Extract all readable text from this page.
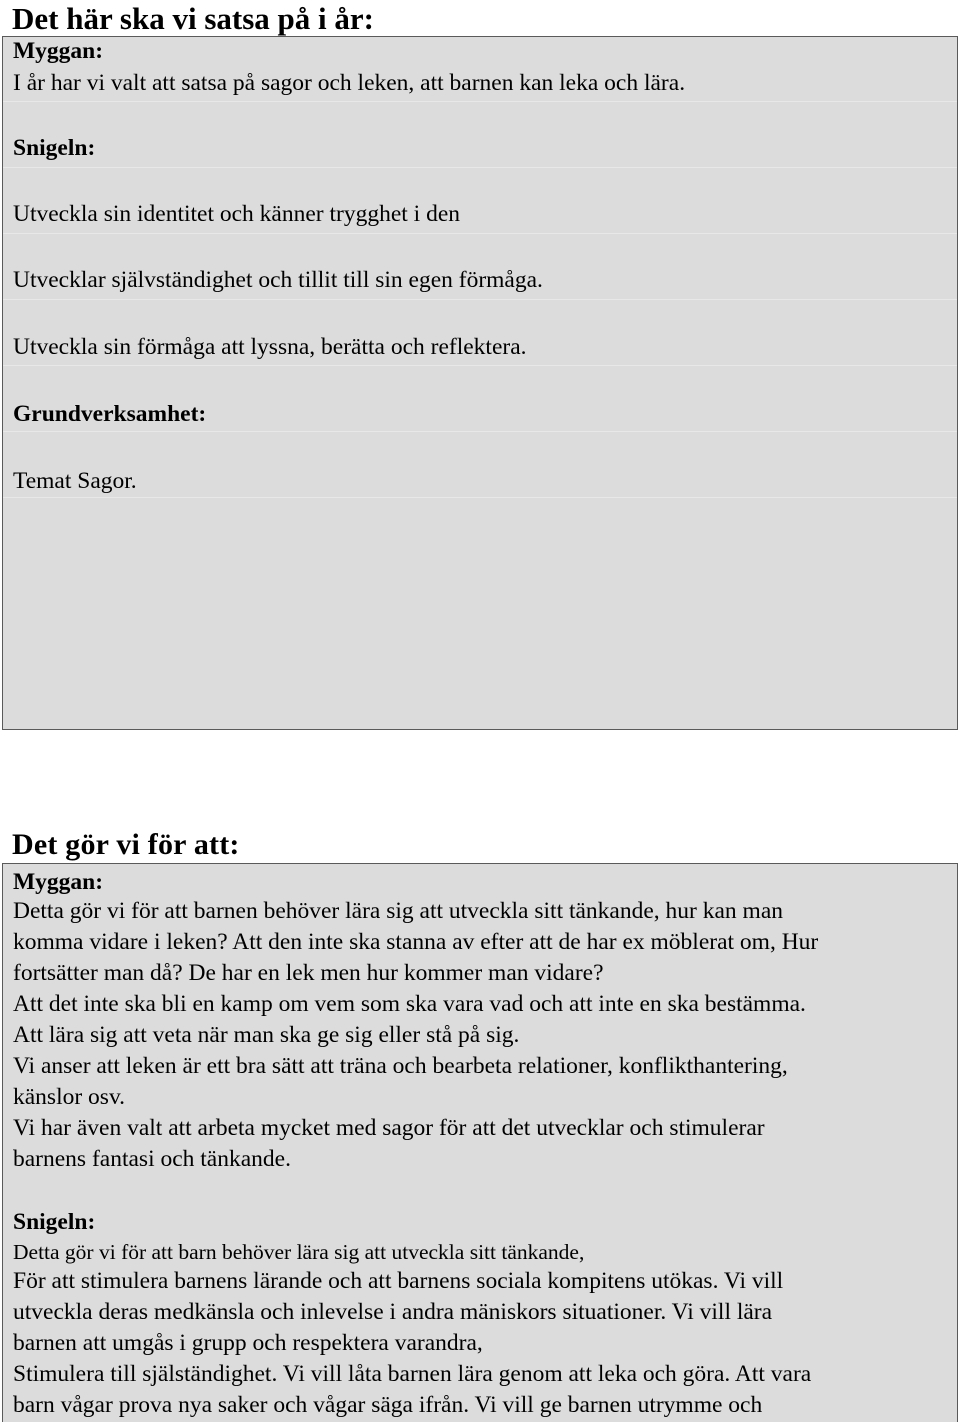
Det här ska vi satsa på i år:
Myggan:
I år har vi valt att satsa på sagor och leken, att barnen kan leka och lära.
Snigeln:
Utveckla sin identitet och känner trygghet i den
Utvecklar självständighet och tillit till sin egen förmåga.
Utveckla sin förmåga att lyssna, berätta och reflektera.
Grundverksamhet:
Temat Sagor.
Det gör vi för att:
Myggan:
Detta gör vi för att barnen behöver lära sig att utveckla sitt tänkande, hur kan man
komma vidare i leken? Att den inte ska stanna av efter att de har ex möblerat om, Hur
fortsätter man då? De har en lek men hur kommer man vidare?
Att det inte ska bli en kamp om vem som ska vara vad och att inte en ska bestämma.
Att lära sig att veta när man ska ge sig eller stå på sig.
Vi anser att leken är ett bra sätt att träna och bearbeta relationer, konflikthantering,
känslor osv.
Vi har även valt att arbeta mycket med sagor för att det utvecklar och stimulerar
barnens fantasi och tänkande.
Snigeln:
Detta gör vi för att barn behöver lära sig att utveckla sitt tänkande,
För att stimulera barnens lärande och att barnens sociala kompitens utökas. Vi vill
utveckla deras medkänsla och inlevelse i andra mäniskors situationer. Vi vill lära
barnen att umgås i grupp och respektera varandra,
Stimulera till själständighet. Vi vill låta barnen lära genom att leka och göra. Att vara
barn vågar prova nya saker och vågar säga ifrån. Vi vill ge barnen utrymme och
